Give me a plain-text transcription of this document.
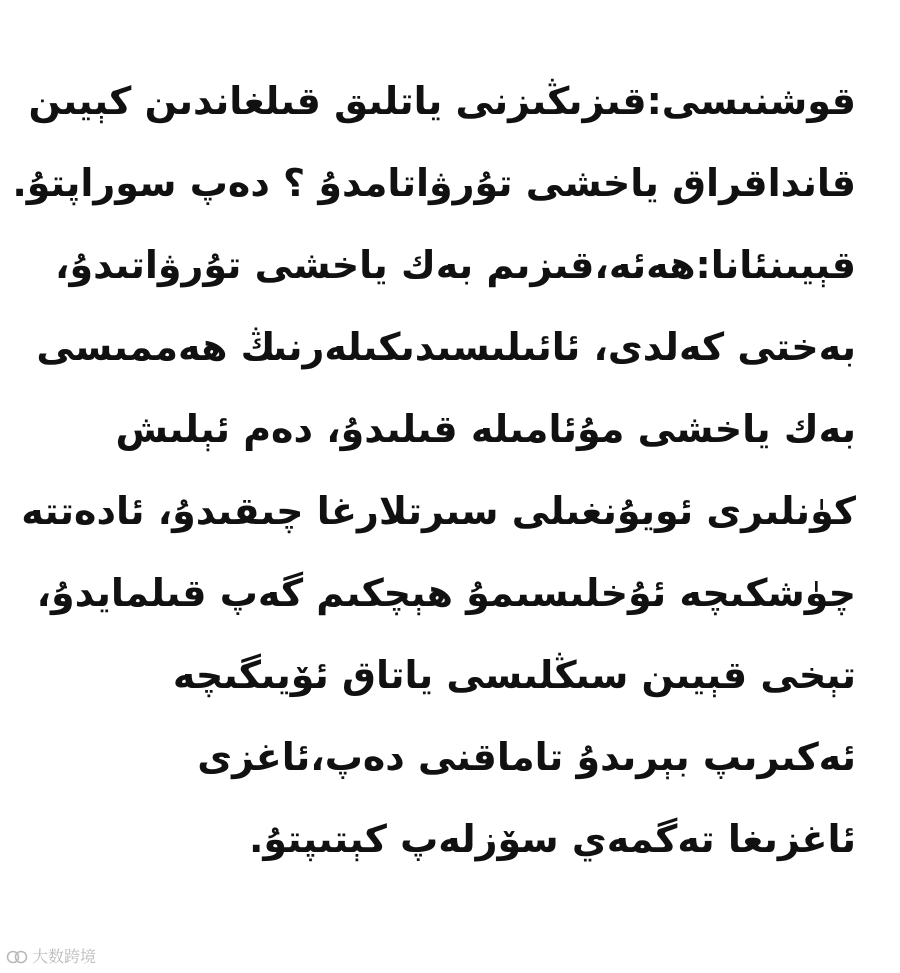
قوشنىسى:قىزىڭىزنى ياتلىق قىلغاندىن كېيىن
قانداقراق ياخشى تۇرۋاتامدۇ ؟ دەپ سوراپتۇ.
قېيىنئانا:ھەئە،قىزىم بەك ياخشى تۇرۋاتىدۇ،
بەختى كەلدى، ئائىلىسىدىكىلەرنىڭ ھەممىسى
بەك ياخشى مۇئامىلە قىلىدۇ، دەم ئېلىش
كۈنلىرى ئويۇنغىلى سىرتلارغا چىقىدۇ، ئادەتتە
چۈشكىچە ئۇخلىسىمۇ ھېچكىم گەپ قىلمايدۇ،
تېخى قېيىن سىڭلىسى ياتاق ئۆيىگىچە
ئەكىرىپ بېرىدۇ تاماقنى دەپ،ئاغزى
ئاغزىغا تەگمەي سۆزلەپ كېتىپتۇ.
大数跨境
